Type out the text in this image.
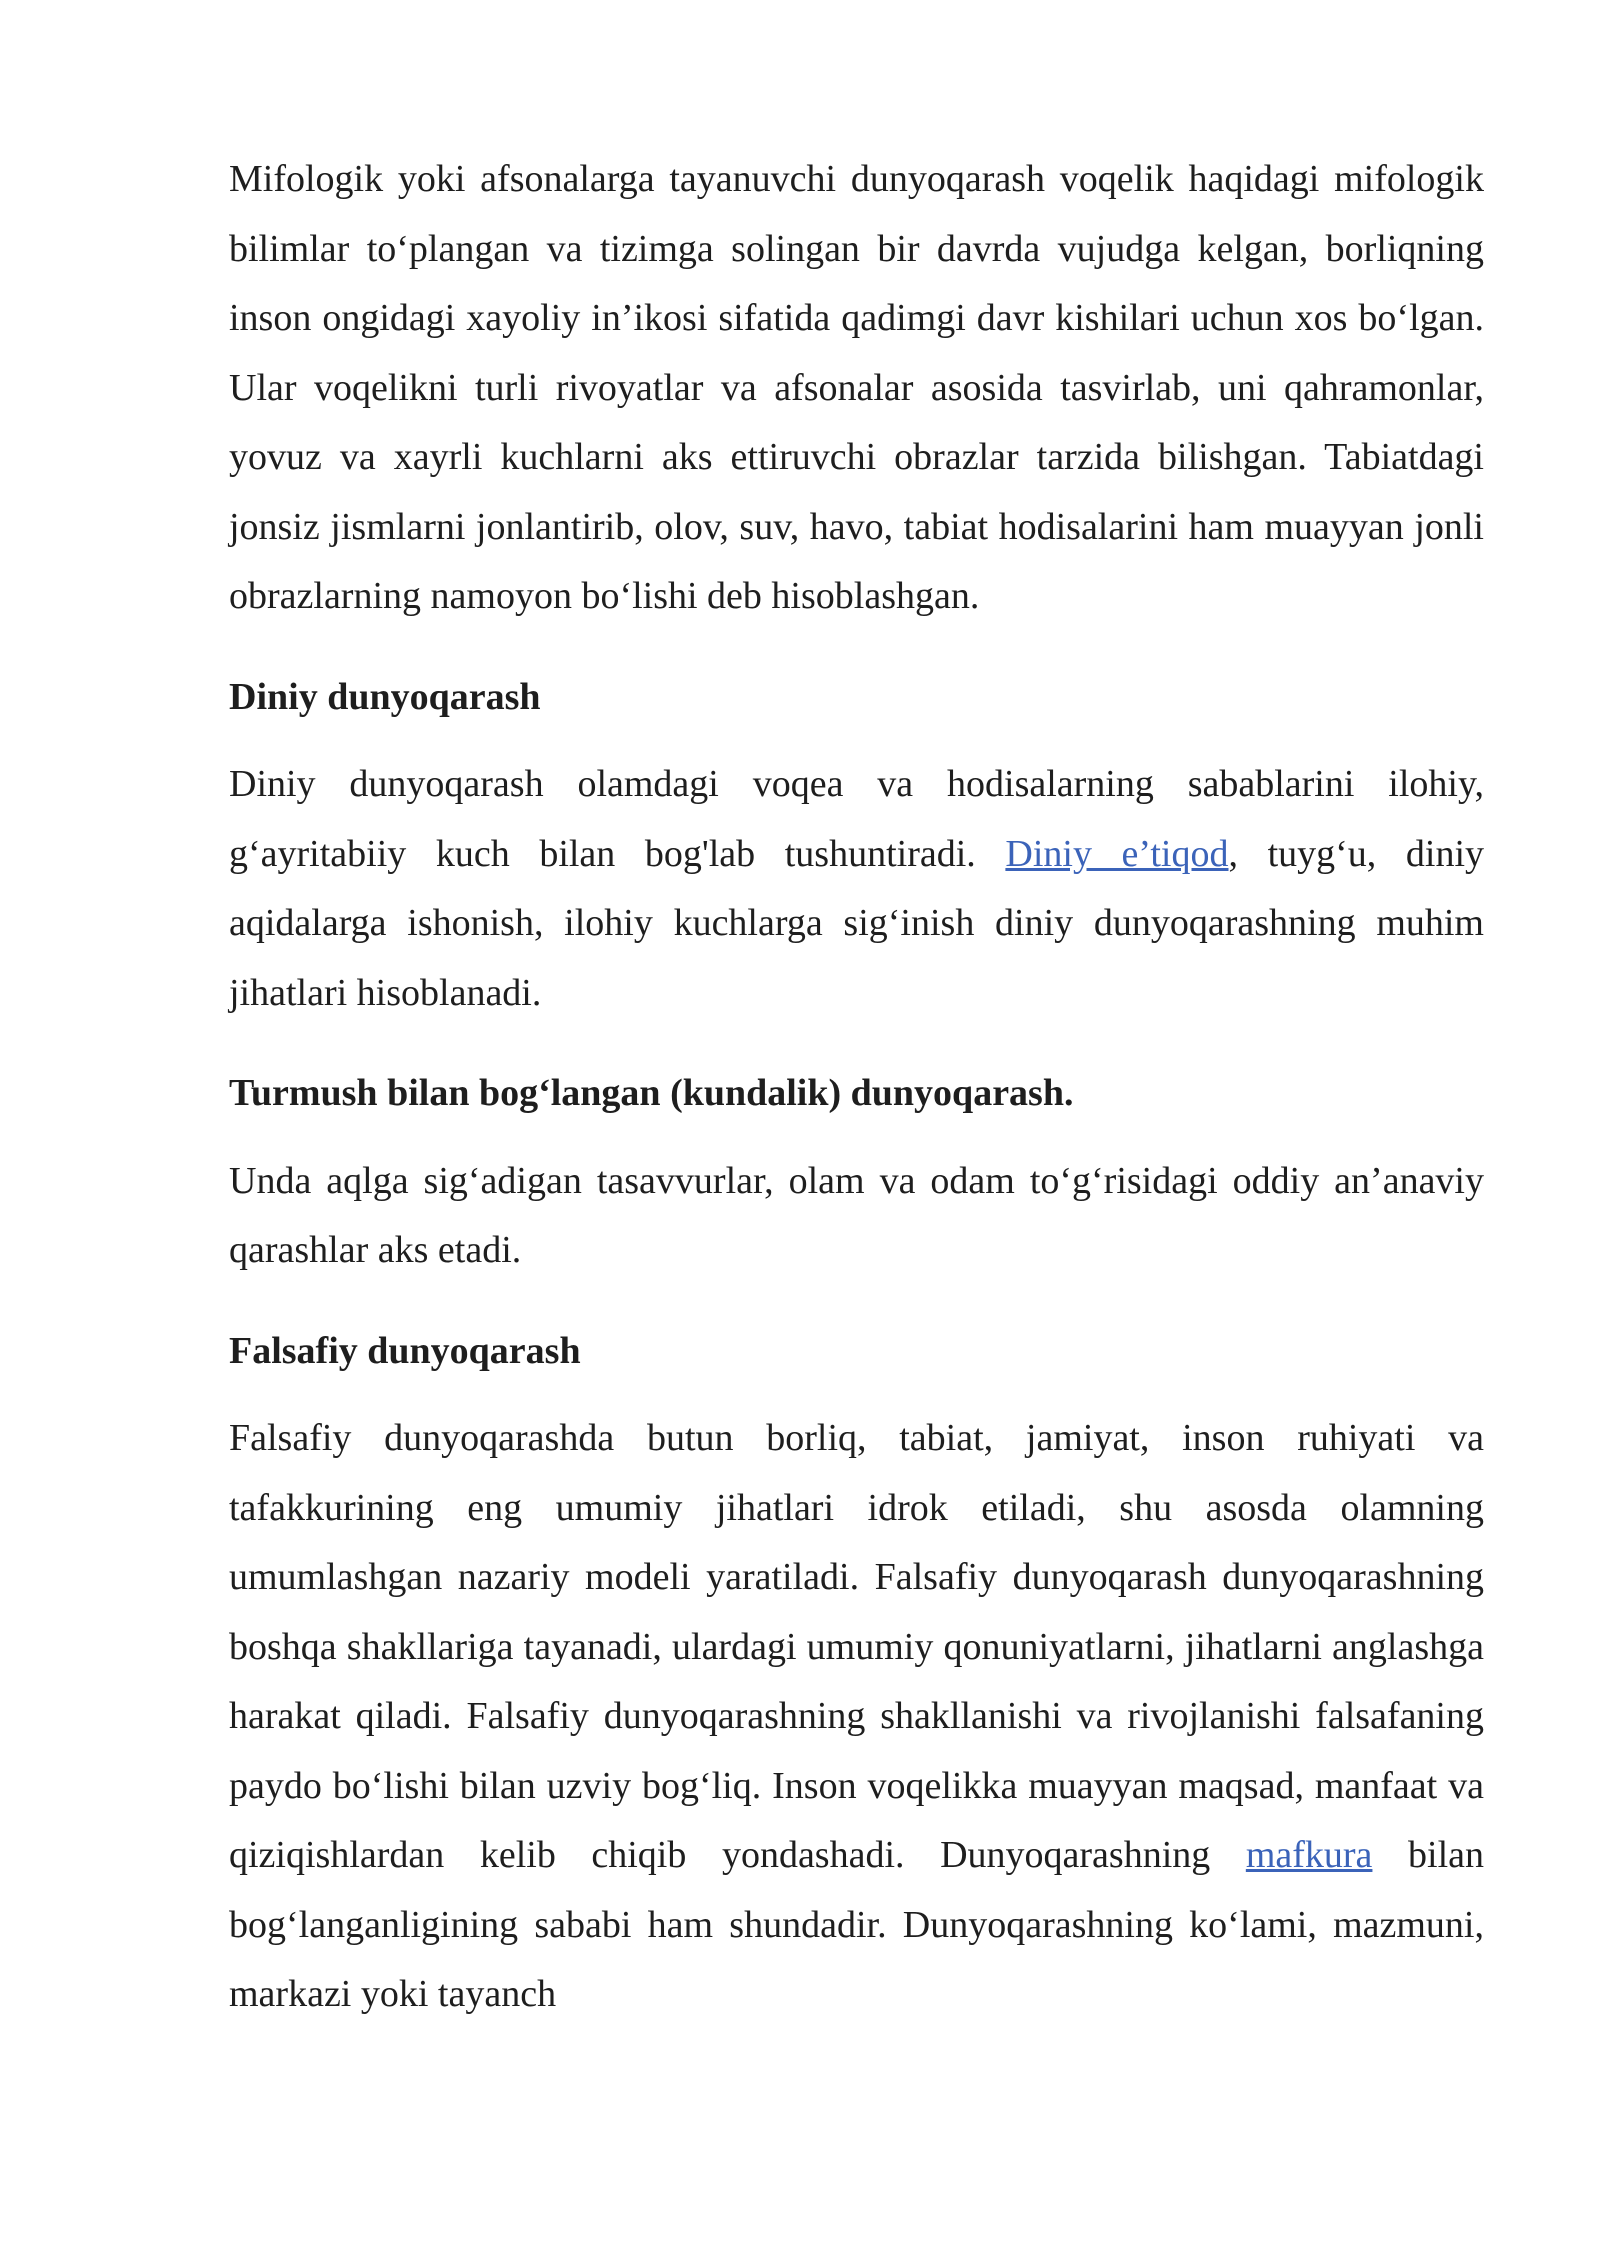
Mifologik yoki afsonalarga tayanuvchi dunyoqarash voqelik haqidagi mifologik bilimlar to‘plangan va tizimga solingan bir davrda vujudga kelgan, borliqning inson ongidagi xayoliy in’ikosi sifatida qadimgi davr kishilari uchun xos bo‘lgan. Ular voqelikni turli rivoyatlar va afsonalar asosida tasvirlab, uni qahramonlar, yovuz va xayrli kuchlarni aks ettiruvchi obrazlar tarzida bilishgan. Tabiatdagi jonsiz jismlarni jonlantirib, olov, suv, havo, tabiat hodisalarini ham muayyan jonli obrazlarning namoyon bo‘lishi deb hisoblashgan.

Diniy dunyoqarash

Diniy dunyoqarash olamdagi voqea va hodisalarning sabablarini ilohiy, g‘ayritabiiy kuch bilan bog'lab tushuntiradi. Diniy e’tiqod, tuyg‘u, diniy aqidalarga ishonish, ilohiy kuchlarga sig‘inish diniy dunyoqarashning muhim jihatlari hisoblanadi.

Turmush bilan bog‘langan (kundalik) dunyoqarash.

Unda aqlga sig‘adigan tasavvurlar, olam va odam to‘g‘risidagi oddiy an’anaviy qarashlar aks etadi.

Falsafiy dunyoqarash

Falsafiy dunyoqarashda butun borliq, tabiat, jamiyat, inson ruhiyati va tafakkurining eng umumiy jihatlari idrok etiladi, shu asosda olamning umumlashgan nazariy modeli yaratiladi. Falsafiy dunyoqarash dunyoqarashning boshqa shakllariga tayanadi, ulardagi umumiy qonuniyatlarni, jihatlarni anglashga harakat qiladi. Falsafiy dunyoqarashning shakllanishi va rivojlanishi falsafaning paydo bo‘lishi bilan uzviy bog‘liq. Inson voqelikka muayyan maqsad, manfaat va qiziqishlardan kelib chiqib yondashadi. Dunyoqarashning mafkura bilan bog‘langanligining sababi ham shundadir. Dunyoqarashning ko‘lami, mazmuni, markazi yoki tayanch
